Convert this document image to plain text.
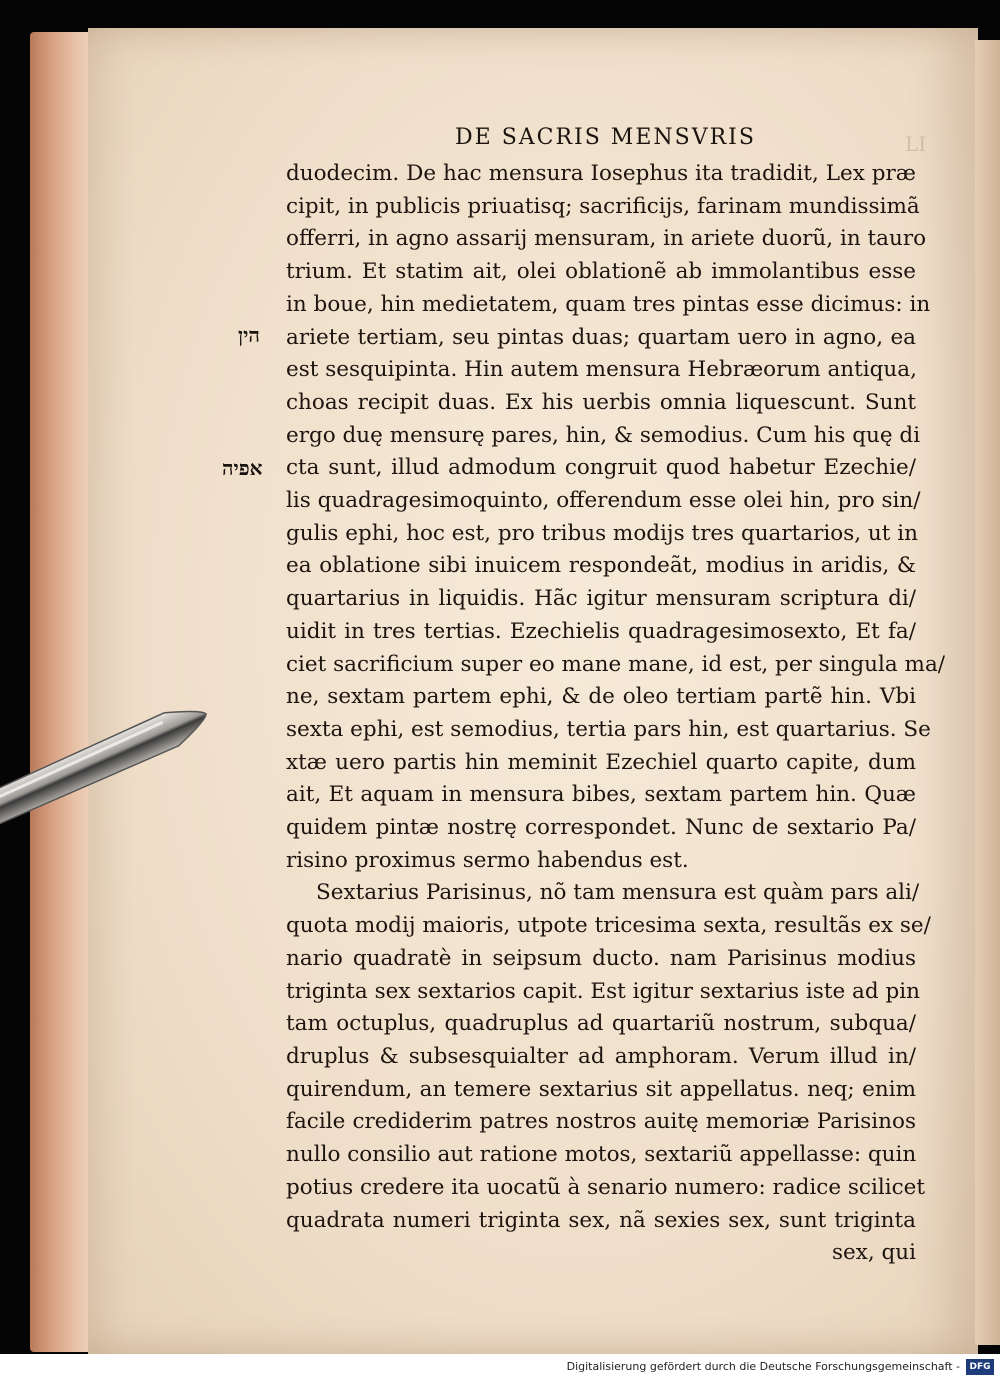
LI
DE SACRIS MENSVRIS
הין
אפיה
duodecim. De hac mensura Iosephus ita tradidit, Lex præ
cipit, in publicis priuatisq; sacrificijs, farinam mundissimã
offerri, in agno assarij mensuram, in ariete duorũ, in tauro
trium. Et statim ait, olei oblationẽ ab immolantibus esse
in boue, hin medietatem, quam tres pintas esse dicimus: in
ariete tertiam, seu pintas duas; quartam uero in agno, ea
est sesquipinta. Hin autem mensura Hebræorum antiqua,
choas recipit duas. Ex his uerbis omnia liquescunt. Sunt
ergo duę mensurę pares, hin, & semodius. Cum his quę di
cta sunt, illud admodum congruit quod habetur Ezechie/
lis quadragesimoquinto, offerendum esse olei hin, pro sin/
gulis ephi, hoc est, pro tribus modijs tres quartarios, ut in
ea oblatione sibi inuicem respondeãt, modius in aridis, &
quartarius in liquidis. Hãc igitur mensuram scriptura di/
uidit in tres tertias. Ezechielis quadragesimosexto, Et fa/
ciet sacrificium super eo mane mane, id est, per singula ma/
ne, sextam partem ephi, & de oleo tertiam partẽ hin. Vbi
sexta ephi, est semodius, tertia pars hin, est quartarius. Se
xtæ uero partis hin meminit Ezechiel quarto capite, dum
ait, Et aquam in mensura bibes, sextam partem hin. Quæ
quidem pintæ nostrę correspondet. Nunc de sextario Pa/
risino proximus sermo habendus est.
Sextarius Parisinus, nõ tam mensura est quàm pars ali/
quota modij maioris, utpote tricesima sexta, resultãs ex se/
nario quadratè in seipsum ducto. nam Parisinus modius
triginta sex sextarios capit. Est igitur sextarius iste ad pin
tam octuplus, quadruplus ad quartariũ nostrum, subqua/
druplus & subsesquialter ad amphoram. Verum illud in/
quirendum, an temere sextarius sit appellatus. neq; enim
facile crediderim patres nostros auitę memoriæ Parisinos
nullo consilio aut ratione motos, sextariũ appellasse: quin
potius credere ita uocatũ à senario numero: radice scilicet
quadrata numeri triginta sex, nã sexies sex, sunt triginta
sex, qui
Digitalisierung gefördert durch die Deutsche Forschungsgemeinschaft -	DFG
